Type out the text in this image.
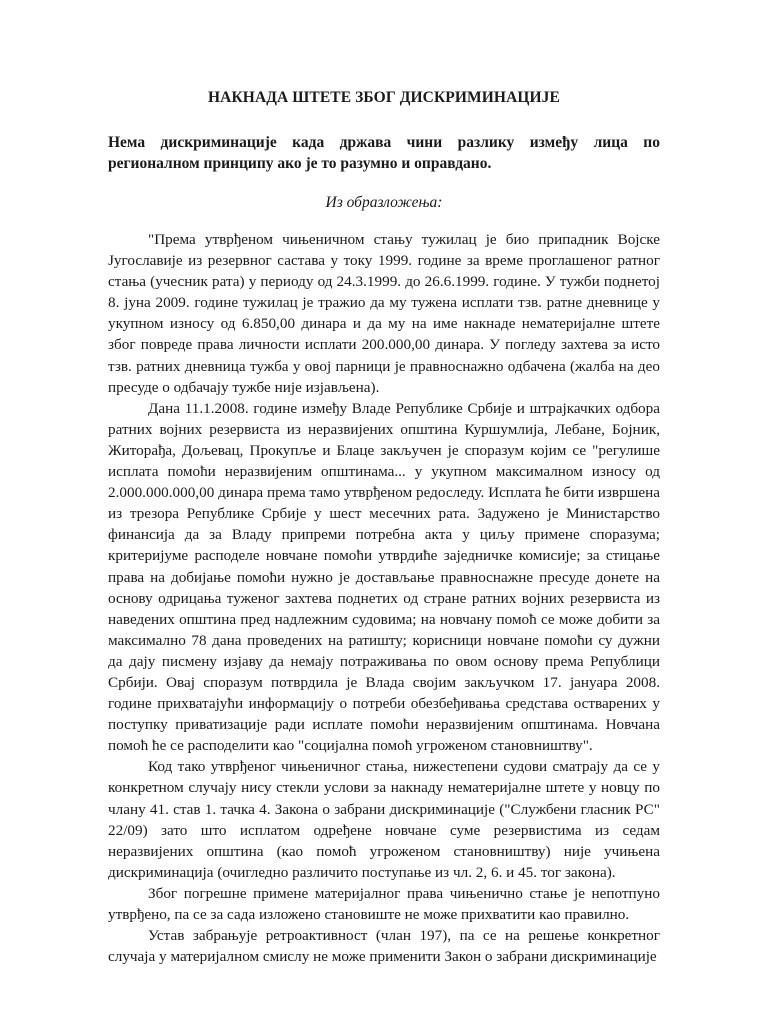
НАКНАДА ШТЕТЕ ЗБОГ ДИСКРИМИНАЦИЈЕ
Нема дискриминације када држава чини разлику између лица по регионалном принципу ако је то разумно и оправдано.
Из образложења:

"Према утврђеном чињеничном стању тужилац је био припадник Војске Југославије из резервног састава у току 1999. године за време проглашеног ратног стања (учесник рата) у периоду од 24.3.1999. до 26.6.1999. године. У тужби поднетој 8. јуна 2009. године тужилац је тражио да му тужена исплати тзв. ратне дневнице у укупном износу од 6.850,00 динара и да му на име накнаде нематеријалне штете због повреде права личности исплати 200.000,00 динара. У погледу захтева за исто тзв. ратних дневница тужба у овој парници је правноснажно одбачена (жалба на део пресуде о одбачају тужбе није изјављена).

Дана 11.1.2008. године између Владе Републике Србије и штрајкачких одбора ратних војних резервиста из неразвијених општина Куршумлија, Лебане, Бојник, Житорађа, Дољевац, Прокупље и Блаце закључен је споразум којим се "регулише исплата помоћи неразвијеним општинама... у укупном максималном износу од 2.000.000.000,00 динара према тамо утврђеном редоследу. Исплата ће бити извршена из трезора Републике Србије у шест месечних рата. Задужено је Министарство финансија да за Владу припреми потребна акта у циљу примене споразума; критеријуме расподеле новчане помоћи утврдиће заједничке комисије; за стицање права на добијање помоћи нужно је достављање правноснажне пресуде донете на основу одрицања туженог захтева поднетих од стране ратних војних резервиста из наведених општина пред надлежним судовима; на новчану помоћ се може добити за максимално 78 дана проведених на ратишту; корисници новчане помоћи су дужни да дају писмену изјаву да немају потраживања по овом основу према Републици Србији. Овај споразум потврдила је Влада својим закључком 17. јануара 2008. године прихватајући информацију о потреби обезбеђивања средстава остварених у поступку приватизације ради исплате помоћи неразвијеним општинама. Новчана помоћ ће се расподелити као "социјална помоћ угроженом становништву".

Код тако утврђеног чињеничног стања, нижестепени судови сматрају да се у конкретном случају нису стекли услови за накнаду нематеријалне штете у новцу по члану 41. став 1. тачка 4. Закона о забрани дискриминације ("Службени гласник РС" 22/09) зато што исплатом одређене новчане суме резервистима из седам неразвијених општина (као помоћ угроженом становништву) није учињена дискриминација (очигледно различито поступање из чл. 2, 6. и 45. тог закона).

Због погрешне примене материјалног права чињенично стање је непотпуно утврђено, па се за сада изложено становиште не може прихватити као правилно.

Устав забрањује ретроактивност (члан 197), па се на решење конкретног случаја у материјалном смислу не може применити Закон о забрани дискриминације
